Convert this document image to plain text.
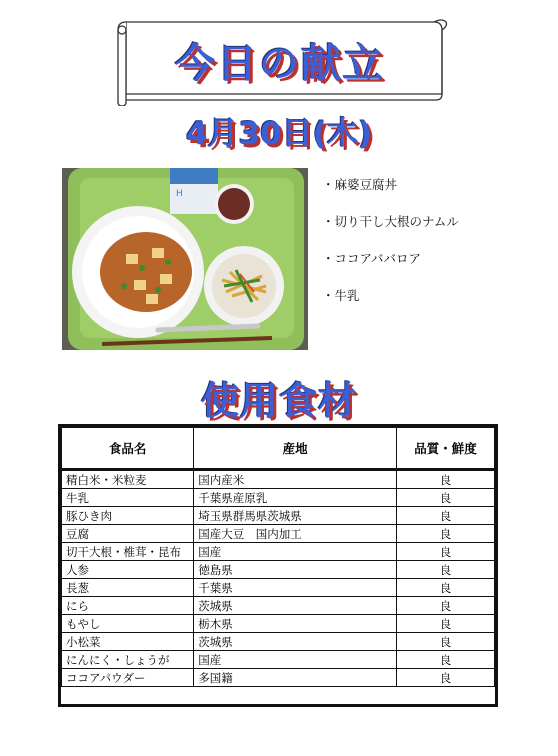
今日の献立
4月30日(木)
H
・麻婆豆腐丼
・切り干し大根のナムル
・ココアババロア
・牛乳
使用食材
食品名	産地	品質・鮮度
精白米・米粒麦	国内産米	良
牛乳	千葉県産原乳	良
豚ひき肉	埼玉県群馬県茨城県	良
豆腐	国産大豆　国内加工	良
切干大根・椎茸・昆布	国産	良
人参	徳島県	良
長葱	千葉県	良
にら	茨城県	良
もやし	栃木県	良
小松菜	茨城県	良
にんにく・しょうが	国産	良
ココアパウダー	多国籍	良
